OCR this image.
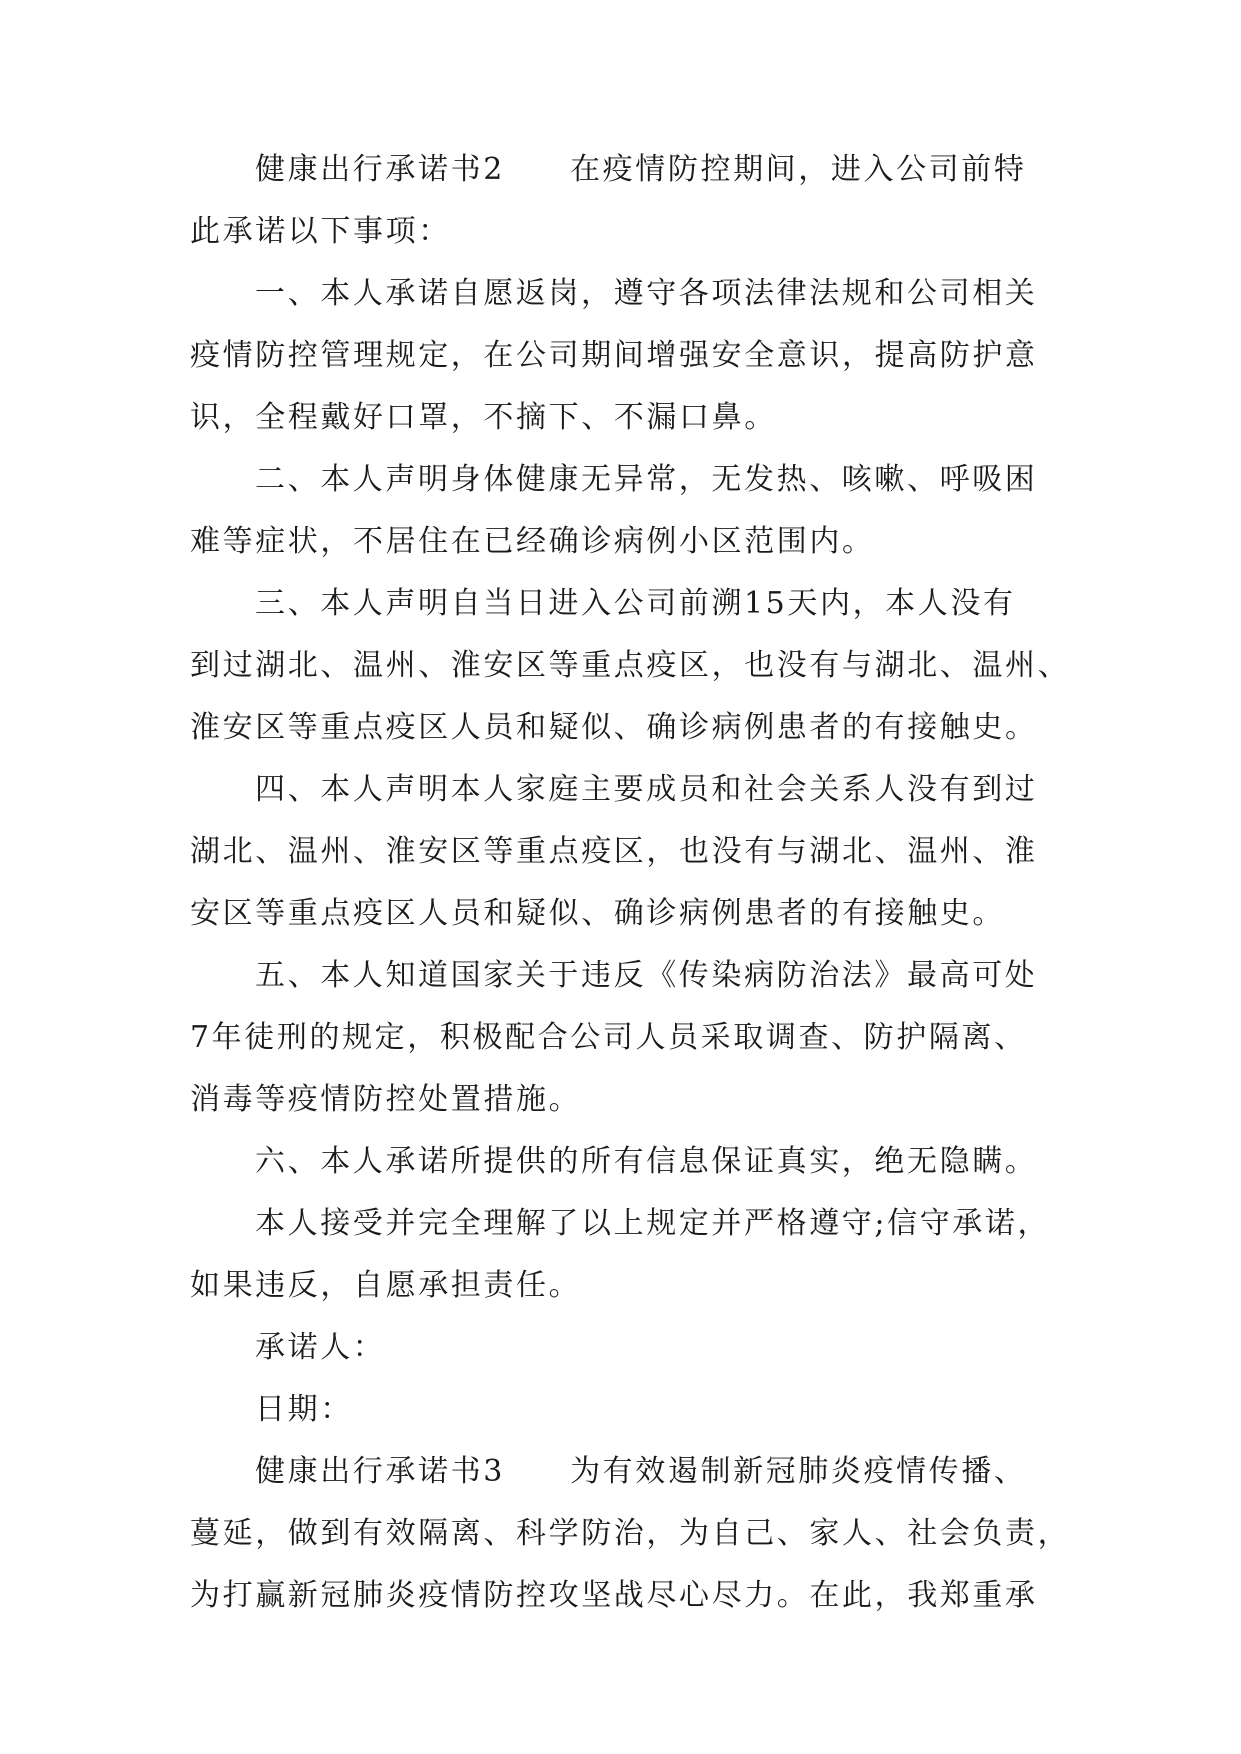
健康出行承诺书2　　在疫情防控期间，进入公司前特
此承诺以下事项：
一、本人承诺自愿返岗，遵守各项法律法规和公司相关
疫情防控管理规定，在公司期间增强安全意识，提高防护意
识，全程戴好口罩，不摘下、不漏口鼻。
二、本人声明身体健康无异常，无发热、咳嗽、呼吸困
难等症状，不居住在已经确诊病例小区范围内。
三、本人声明自当日进入公司前溯15天内，本人没有
到过湖北、温州、淮安区等重点疫区，也没有与湖北、温州、
淮安区等重点疫区人员和疑似、确诊病例患者的有接触史。
四、本人声明本人家庭主要成员和社会关系人没有到过
湖北、温州、淮安区等重点疫区，也没有与湖北、温州、淮
安区等重点疫区人员和疑似、确诊病例患者的有接触史。
五、本人知道国家关于违反《传染病防治法》最高可处
7年徒刑的规定，积极配合公司人员采取调查、防护隔离、
消毒等疫情防控处置措施。
六、本人承诺所提供的所有信息保证真实，绝无隐瞒。
本人接受并完全理解了以上规定并严格遵守;信守承诺，
如果违反，自愿承担责任。
承诺人：
日期：
健康出行承诺书3　　为有效遏制新冠肺炎疫情传播、
蔓延，做到有效隔离、科学防治，为自己、家人、社会负责，
为打赢新冠肺炎疫情防控攻坚战尽心尽力。在此，我郑重承
